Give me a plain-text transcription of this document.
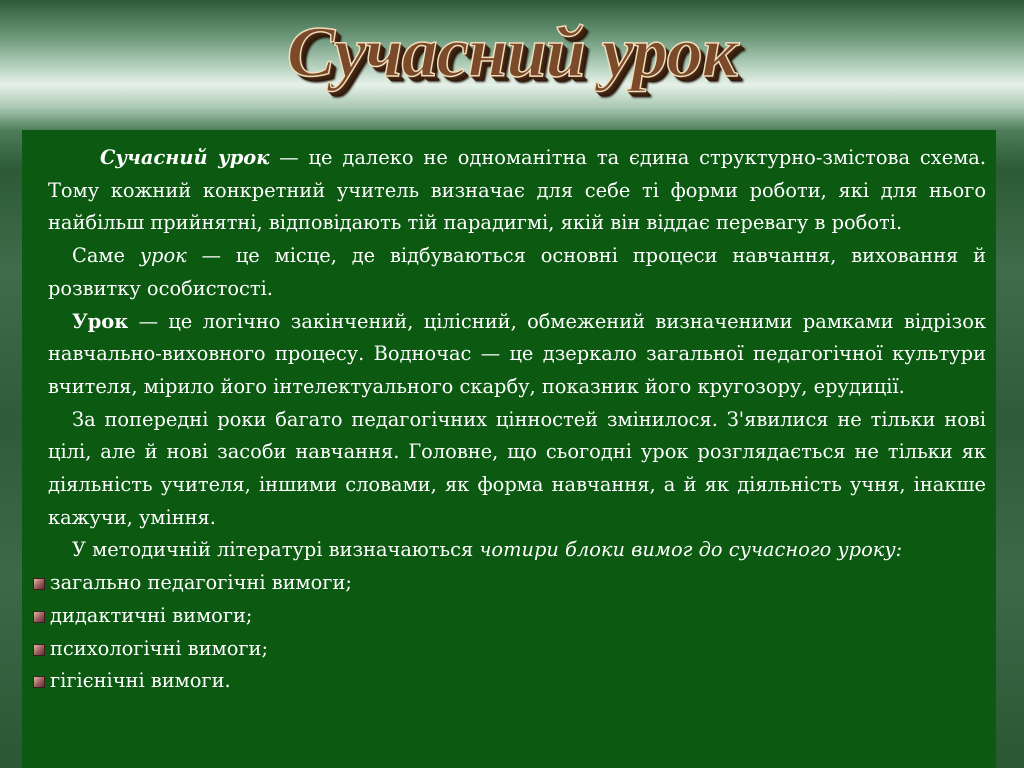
Сучасний урок

Сучасний урок — це далеко не одноманітна та єдина структурно-змістова схема. Тому кожний конкретний учитель визначає для себе ті форми роботи, які для нього найбільш прийнятні, відповідають тій парадигмі, якій він віддає перевагу в роботі.

Саме урок — це місце, де відбуваються основні процеси навчання, виховання й розвитку особистості.

Урок — це логічно закінчений, цілісний, обмежений визначеними рамками відрізок навчально-виховного процесу. Водночас — це дзеркало загальної педагогічної культури вчителя, мірило його інтелектуального скарбу, показник його кругозору, ерудиції.

За попередні роки багато педагогічних цінностей змінилося. З'явилися не тільки нові цілі, але й нові засоби навчання. Головне, що сьогодні урок розглядається не тільки як діяльність учителя, іншими словами, як форма навчання, а й як діяльність учня, інакше кажучи, уміння.

У методичній літературі визначаються чотири блоки вимог до сучасного уроку:

загально педагогічні вимоги;
дидактичні вимоги;
психологічні вимоги;
гігієнічні вимоги.
